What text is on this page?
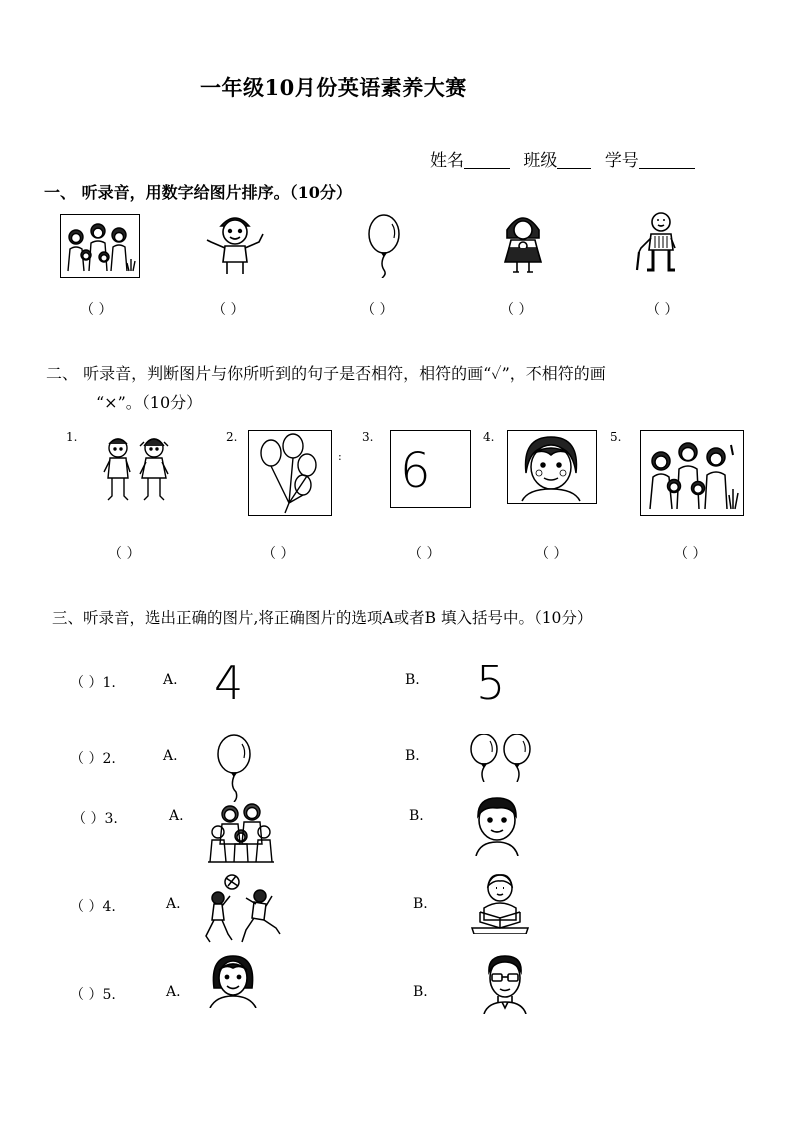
一年级10月份英语素养大赛
姓名	班级	学号
一、 听录音，用数字给图片排序。（10分）
（ ）	（ ）	（ ）	（ ）	（ ）
二、 听录音，判断图片与你所听到的句子是否相符，相符的画“✓”，不相符的画
“×”。（10分）
1.	2.	3.	4.	5.
: 6
（ ）	（ ）	（ ）	（ ）	（ ）
三、听录音，选出正确的图片,将正确图片的选项A或者B 填入括号中。（10分）
（ ）1.	A. 4	B. 5
（ ）2.	A.	B.
（ ）3.	A.	B.
（ ）4.	A.	B.
（ ）5.	A.	B.
